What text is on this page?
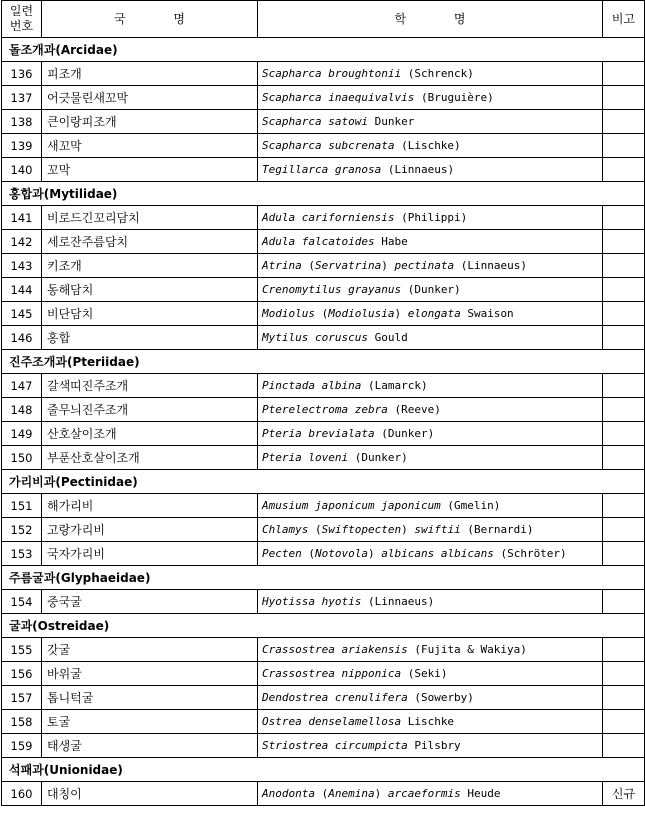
일련
번호	국 명	학 명	비고
돌조개과(Arcidae)			
136	피조개	Scapharca broughtonii (Schrenck)	
137	어긋물린새꼬막	Scapharca inaequivalvis (Bruguière)	
138	큰이랑피조개	Scapharca satowi Dunker	
139	새꼬막	Scapharca subcrenata (Lischke)	
140	꼬막	Tegillarca granosa (Linnaeus)	
홍합과(Mytilidae)			
141	비로드긴꼬리담치	Adula cariforniensis (Philippi)	
142	세로잔주름담치	Adula falcatoides Habe	
143	키조개	Atrina (Servatrina) pectinata (Linnaeus)	
144	동해담치	Crenomytilus grayanus (Dunker)	
145	비단담치	Modiolus (Modiolusia) elongata Swaison	
146	홍합	Mytilus coruscus Gould	
진주조개과(Pteriidae)			
147	갈색띠진주조개	Pinctada albina (Lamarck)	
148	줄무늬진주조개	Pterelectroma zebra (Reeve)	
149	산호살이조개	Pteria brevialata (Dunker)	
150	부푼산호살이조개	Pteria loveni (Dunker)	
가리비과(Pectinidae)			
151	해가리비	Amusium japonicum japonicum (Gmelin)	
152	고랑가리비	Chlamys (Swiftopecten) swiftii (Bernardi)	
153	국자가리비	Pecten (Notovola) albicans albicans (Schröter)	
주름굴과(Glyphaeidae)			
154	중국굴	Hyotissa hyotis (Linnaeus)	
굴과(Ostreidae)			
155	갓굴	Crassostrea ariakensis (Fujita & Wakiya)	
156	바위굴	Crassostrea nipponica (Seki)	
157	톱니턱굴	Dendostrea crenulifera (Sowerby)	
158	토굴	Ostrea denselamellosa Lischke	
159	태생굴	Striostrea circumpicta Pilsbry	
석패과(Unionidae)			
160	대칭이	Anodonta (Anemina) arcaeformis Heude	신규
